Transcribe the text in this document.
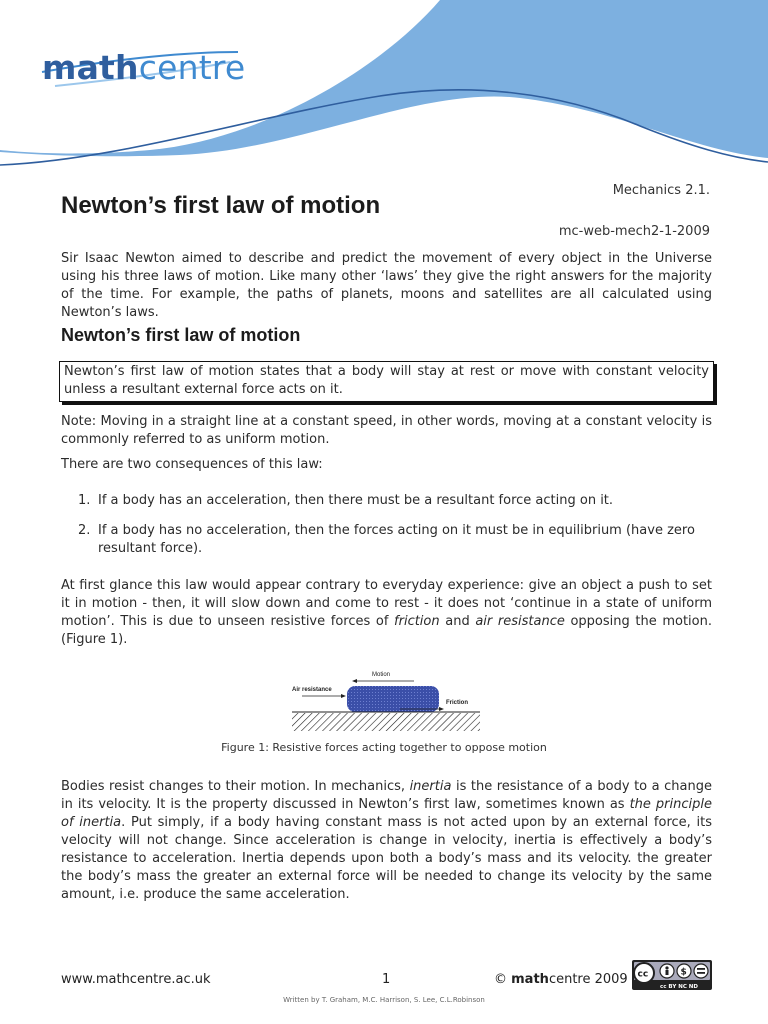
mathcentre
Mechanics 2.1.
mc-web-mech2-1-2009
Newton’s first law of motion

Sir Isaac Newton aimed to describe and predict the movement of every object in the Universe using his three laws of motion. Like many other ‘laws’ they give the right answers for the majority of the time. For example, the paths of planets, moons and satellites are all calculated using Newton’s laws.

Newton’s first law of motion
Newton’s first law of motion states that a body will stay at rest or move with constant velocity unless a resultant external force acts on it.

Note: Moving in a straight line at a constant speed, in other words, moving at a constant velocity is commonly referred to as uniform motion.

There are two consequences of this law:

1. If a body has an acceleration, then there must be a resultant force acting on it.
2. If a body has no acceleration, then the forces acting on it must be in equilibrium (have zero
resultant force).

At first glance this law would appear contrary to everyday experience: give an object a push to set it in motion - then, it will slow down and come to rest - it does not ‘continue in a state of uniform motion’. This is due to unseen resistive forces of friction and air resistance opposing the motion. (Figure 1).

Motion
Air resistance
Friction
Figure 1: Resistive forces acting together to oppose motion

Bodies resist changes to their motion. In mechanics, inertia is the resistance of a body to a change in its velocity. It is the property discussed in Newton’s first law, sometimes known as the principle of inertia. Put simply, if a body having constant mass is not acted upon by an external force, its velocity will not change. Since acceleration is change in velocity, inertia is effectively a body’s resistance to acceleration. Inertia depends upon both a body’s mass and its velocity. the greater the body’s mass the greater an external force will be needed to change its velocity by the same amount, i.e. produce the same acceleration.

www.mathcentre.ac.uk	1	© mathcentre 2009 cc	$
cc BY NC ND
Written by T. Graham, M.C. Harrison, S. Lee, C.L.Robinson
